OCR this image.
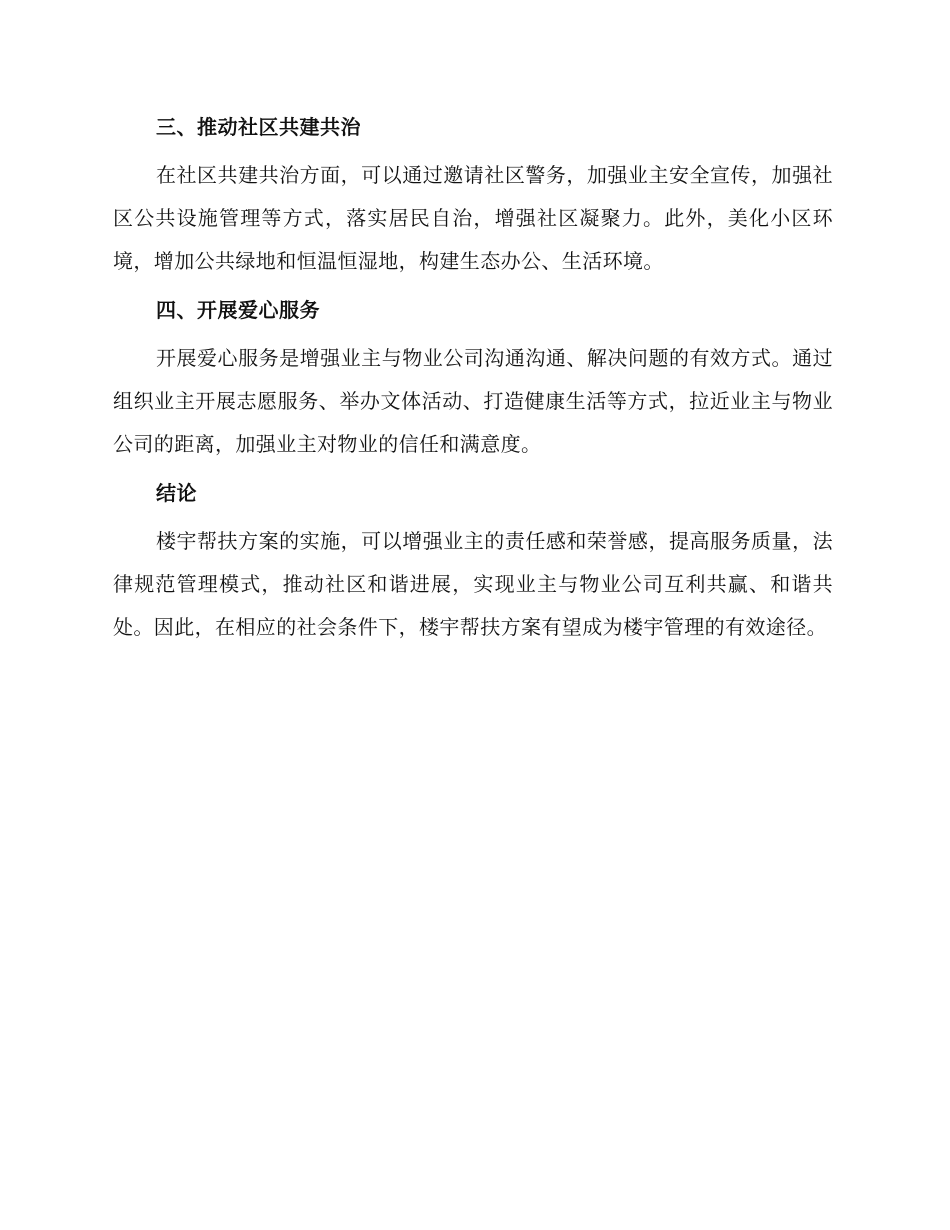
三、推动社区共建共治

在社区共建共治方面，可以通过邀请社区警务，加强业主安全宣传，加强社区公共设施管理等方式，落实居民自治，增强社区凝聚力。此外，美化小区环境，增加公共绿地和恒温恒湿地，构建生态办公、生活环境。

四、开展爱心服务

开展爱心服务是增强业主与物业公司沟通沟通、解决问题的有效方式。通过组织业主开展志愿服务、举办文体活动、打造健康生活等方式，拉近业主与物业公司的距离，加强业主对物业的信任和满意度。

结论

楼宇帮扶方案的实施，可以增强业主的责任感和荣誉感，提高服务质量，法律规范管理模式，推动社区和谐进展，实现业主与物业公司互利共赢、和谐共处。因此，在相应的社会条件下，楼宇帮扶方案有望成为楼宇管理的有效途径。
